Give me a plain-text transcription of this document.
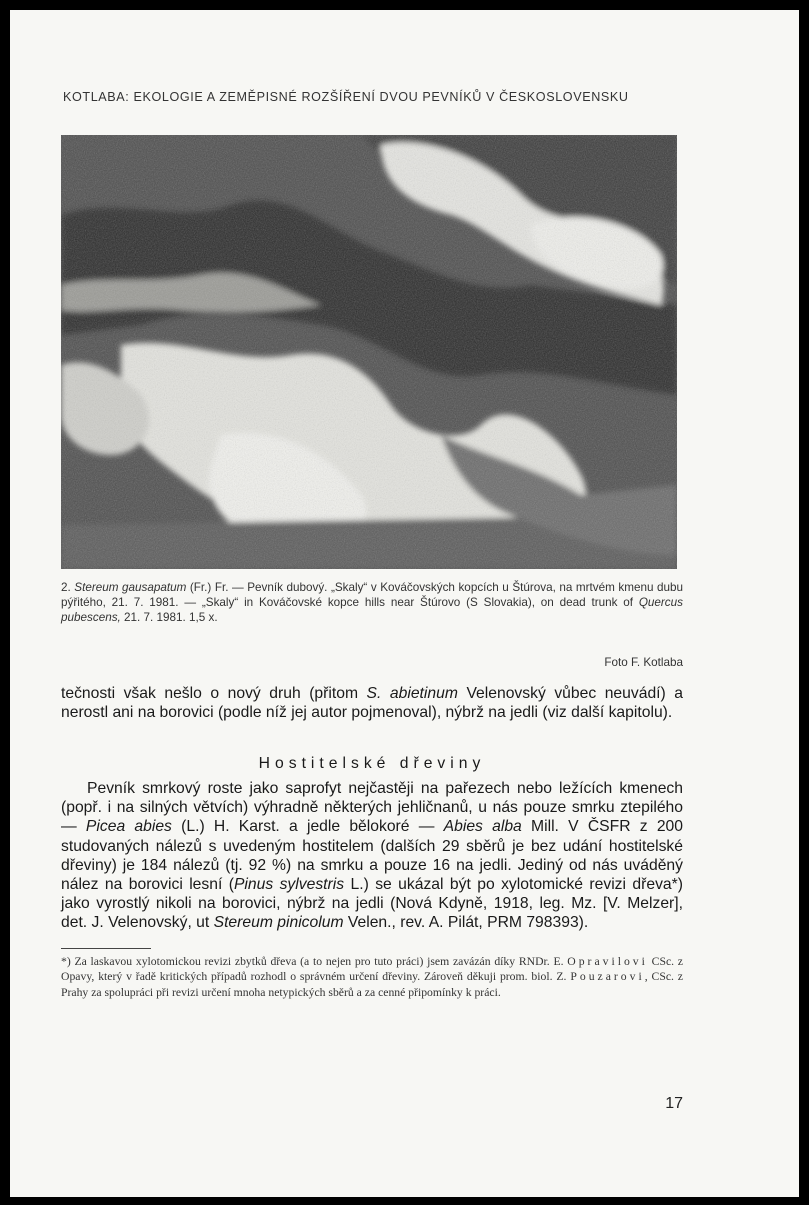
KOTLABA: EKOLOGIE A ZEMĚPISNÉ ROZŠÍŘENÍ DVOU PEVNÍKŮ V ČESKOSLOVENSKU

2. Stereum gausapatum (Fr.) Fr. — Pevník dubový. „Skaly“ v Kováčovských kopcích u Štúrova, na mrtvém kmenu dubu pýřitého, 21. 7. 1981. — „Skaly“ in Kováčovské kopce hills near Štúrovo (S Slovakia), on dead trunk of Quercus pubescens, 21. 7. 1981. 1,5 x.

Foto F. Kotlaba

tečnosti však nešlo o nový druh (přitom S. abietinum Velenovský vůbec neuvádí) a nerostl ani na borovici (podle níž jej autor pojmenoval), nýbrž na jedli (viz další kapitolu).

Hostitelské dřeviny

Pevník smrkový roste jako saprofyt nejčastěji na pařezech nebo ležících kmenech (popř. i na silných větvích) výhradně některých jehličnanů, u nás pouze smrku ztepilého — Picea abies (L.) H. Karst. a jedle bělokoré — Abies alba Mill. V ČSFR z 200 studovaných nálezů s uvedeným hostitelem (dalších 29 sběrů je bez udání hostitelské dřeviny) je 184 nálezů (tj. 92 %) na smrku a pouze 16 na jedli. Jediný od nás uváděný nález na borovici lesní (Pinus sylvestris L.) se ukázal být po xylotomické revizi dřeva*) jako vyrostlý nikoli na borovici, nýbrž na jedli (Nová Kdyně, 1918, leg. Mz. [V. Melzer], det. J. Velenovský, ut Stereum pinicolum Velen., rev. A. Pilát, PRM 798393).

*) Za laskavou xylotomickou revizi zbytků dřeva (a to nejen pro tuto práci) jsem zavázán díky RNDr. E. Opravilovi CSc. z Opavy, který v řadě kritických případů rozhodl o správném určení dřeviny. Zároveň děkuji prom. biol. Z. Pouzarovi, CSc. z Prahy za spolupráci při revizi určení mnoha netypických sběrů a za cenné připomínky k práci.
17
